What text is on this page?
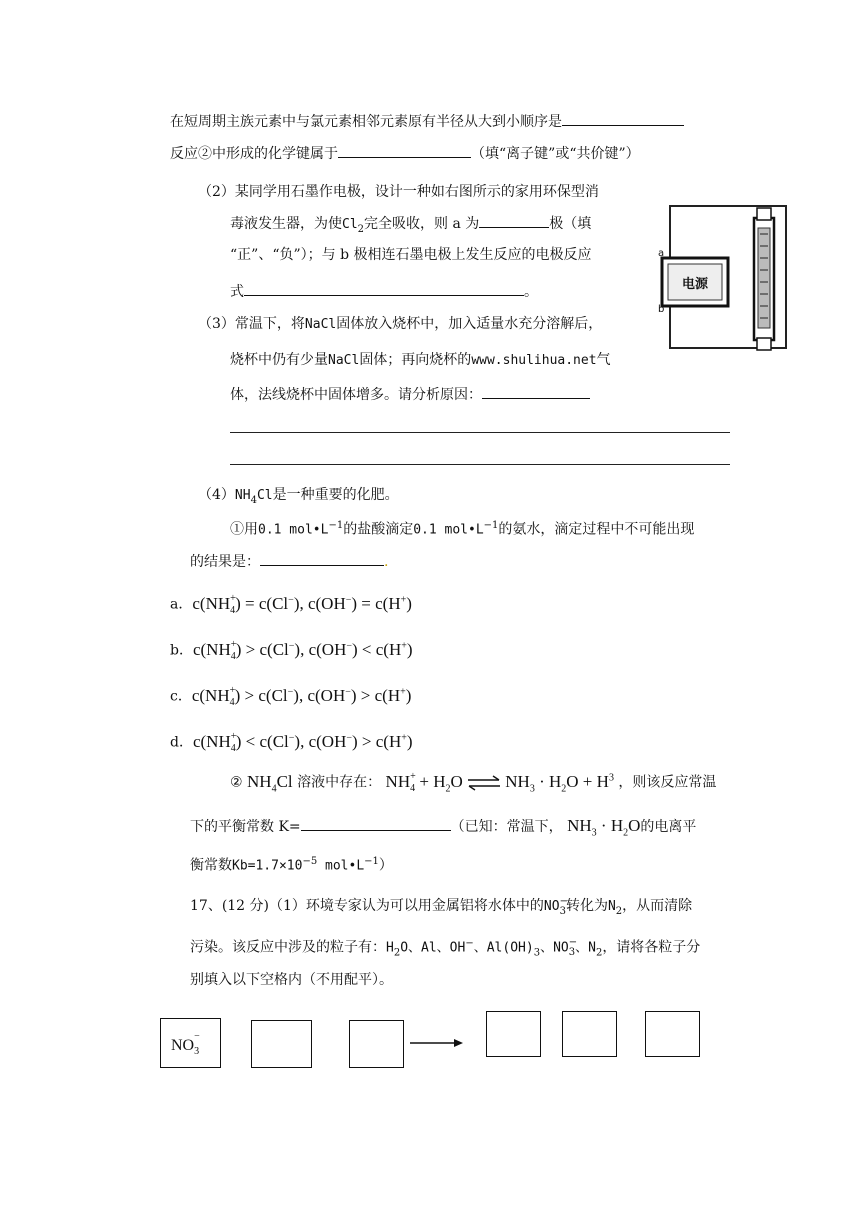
在短周期主族元素中与氯元素相邻元素原有半径从大到小顺序是
反应②中形成的化学键属于	（填“离子键”或“共价键”）
（2）某同学用石墨作电极，设计一种如右图所示的家用环保型消
毒液发生器，为使$Cl_2$完全吸收，则 a 为	极（填
“正”、“负”）；与 b 极相连石墨电极上发生反应的电极反应
式	。	电源
a
b
（3）常温下，将NaCl固体放入烧杯中，加入适量水充分溶解后，
烧杯中仍有少量NaCl固体；再向烧杯的www.shulihua.net气
体，法线烧杯中固体增多。请分析原因：
$(4)NH_4Cl$是一种重要的化肥。
①用0.1 $mol•L^{-1}$的盐酸滴定0.1 $mol•L^{-1}$的氨水，滴定过程中不可能出现
的结果是：	.
a．c(NH $_{+ 4}$) = c(Cl−), c(OH−) = c(H+)
b．c(NH $_{+ 4}$) > c(Cl−), c(OH−) < c(H+)
c．c(NH $_{+ 4}$) > c(Cl−), c(OH−) > c(H+)
d．c(NH $_{+ 4}$) < c(Cl−), c(OH−) > c(H+)
② $NH_4Cl$ 溶液中存在： NH $_{+ 4} + H_2O$ ⇌ $NH_3 \cdot H_2O + H^3$ ，则该反应常温
下的平衡常数 K=	（已知：常温下， $NH_3 \cdot H_2O$的电离平
衡常数$Kb=1.7\times 10^{-5}$ $mol•L^{-1}$）
17、(12 分)（1）环境专家认为可以用金属铝将水体中的NO $_{- 3}$转化为$N_2$，从而清除
污染。该反应中涉及的粒子有：$H_2O$、Al、OH−、$Al(OH)_3$、NO $_{- 3}$、$N_2$，请将各粒子分
别填入以下空格内（不用配平）。
NO
$_{- 3}$
